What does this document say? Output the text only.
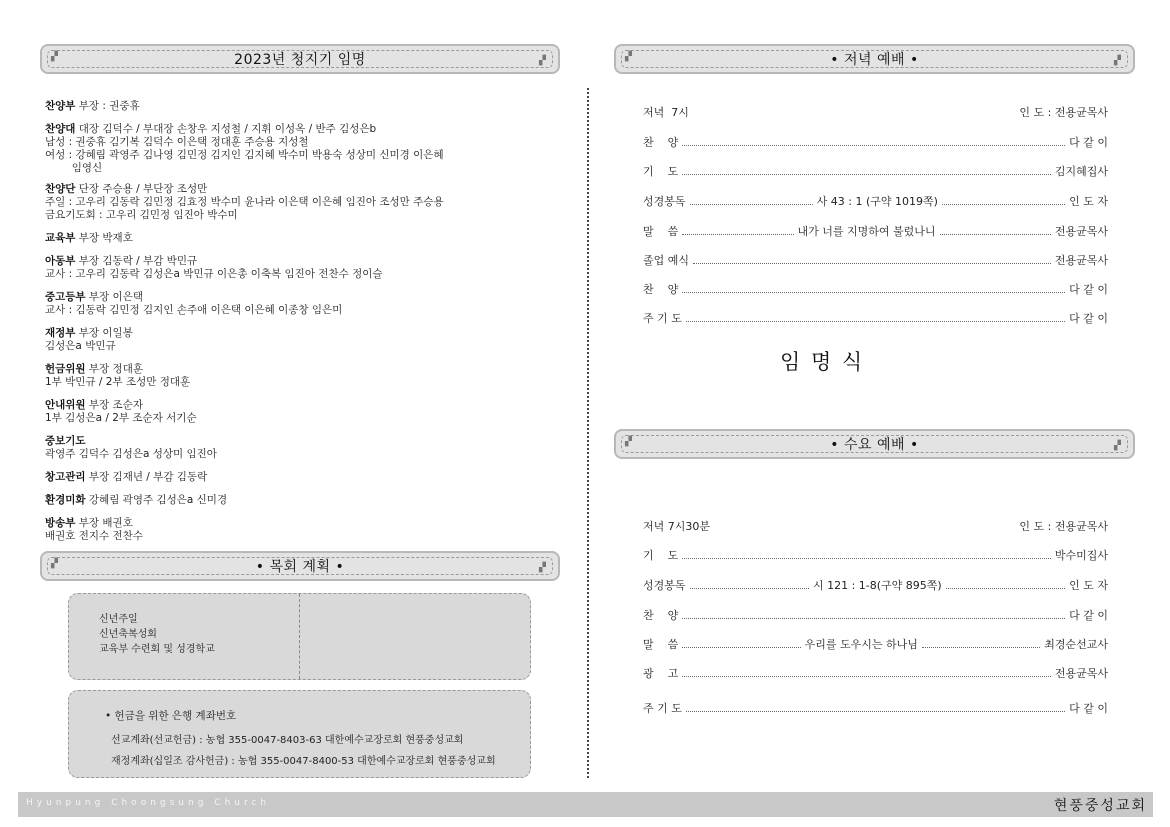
▞	2023년 청지기 임명	▞
찬양부 부장 : 권중휴
찬양대 대장 김덕수 / 부대장 손창우 지성철 / 지휘 이성옥 / 반주 김성은b
남성 : 권중휴 김기복 김덕수 이은택 정대훈 주승용 지성철
여성 : 강혜림 곽영주 김나영 김민정 김지인 김지혜 박수미 박용숙 성상미 신미경 이은혜
임영신
찬양단 단장 주승용 / 부단장 조성만
주일 : 고우리 김동락 김민정 김효정 박수미 윤나라 이은택 이은혜 임진아 조성만 주승용
금요기도회 : 고우리 김민정 임진아 박수미
교육부 부장 박재호
아동부 부장 김동락 / 부감 박민규
교사 : 고우리 김동락 김성은a 박민규 이은총 이축복 임진아 전찬수 정이슬
중고등부 부장 이은택
교사 : 김동락 김민정 김지인 손주애 이은택 이은혜 이종창 임은미
재정부 부장 이일봉
김성은a 박민규
헌금위원 부장 정대훈
1부 박민규 / 2부 조성만 정대훈
안내위원 부장 조순자
1부 김성은a / 2부 조순자 서기순
중보기도
곽영주 김덕수 김성은a 성상미 임진아
창고관리 부장 김재년 / 부감 김동락
환경미화 강혜림 곽영주 김성은a 신미경
방송부 부장 배권호
배권호 전지수 전찬수
▞	• 목회 계획 •	▞
신년주일
신년축복성회
교육부 수련회 및 성경학교
• 헌금을 위한 은행 계좌번호
선교계좌(선교헌금) : 농협 355-0047-8403-63 대한예수교장로회 현풍중성교회
재정계좌(십일조 감사헌금) : 농협 355-0047-8400-53 대한예수교장로회 현풍중성교회
▞	• 저녁 예배 •	▞
저녁  7시	인 도 : 전용균목사
찬    양	다 같 이
기    도	김지혜집사
성경봉독	사 43 : 1 (구약 1019쪽)	인 도 자
말    씀	내가 너를 지명하여 불렀나니	전용균목사
졸업 예식	전용균목사
찬    양	다 같 이
주 기 도	다 같 이
임 명 식
▞	• 수요 예배 •	▞
저녁 7시30분	인 도 : 전용균목사
기    도	박수미집사
성경봉독	시 121 : 1-8(구약 895쪽)	인 도 자
찬    양	다 같 이
말    씀	우리를 도우시는 하나님	최경순선교사
광    고	전용균목사
주 기 도	다 같 이
Hyunpung Choongsung Church	현풍중성교회
